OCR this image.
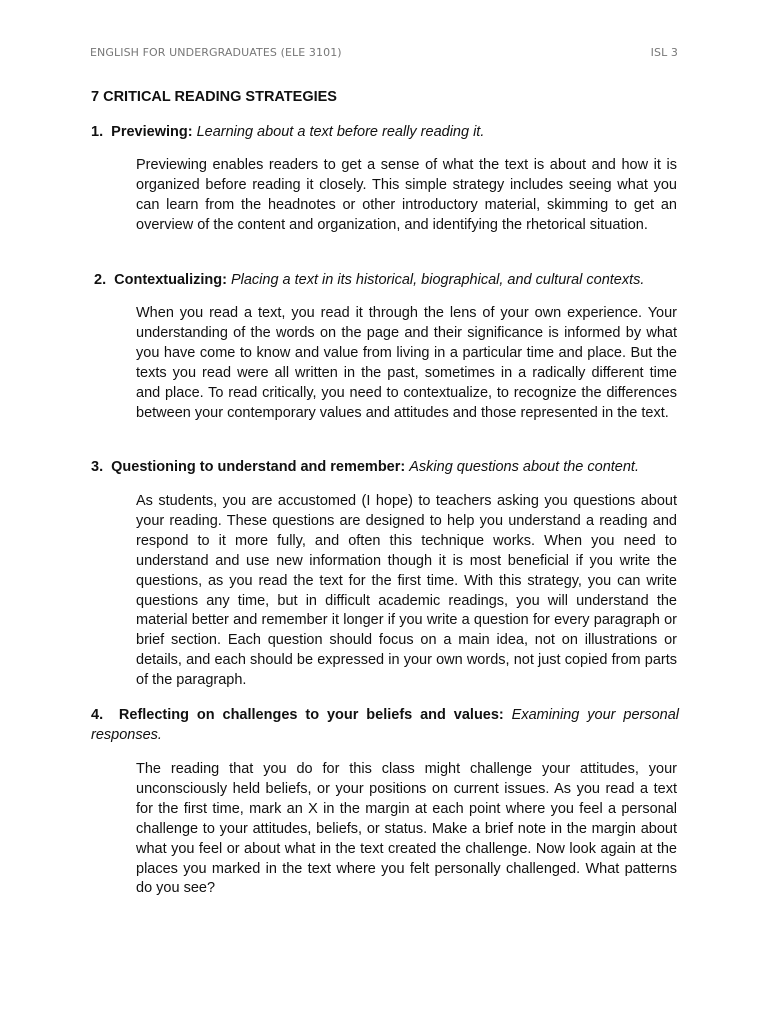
ENGLISH FOR UNDERGRADUATES (ELE 3101)	ISL 3
7 CRITICAL READING STRATEGIES

1. Previewing: Learning about a text before really reading it.

Previewing enables readers to get a sense of what the text is about and how it is organized before reading it closely. This simple strategy includes seeing what you can learn from the headnotes or other introductory material, skimming to get an overview of the content and organization, and identifying the rhetorical situation.

2. Contextualizing: Placing a text in its historical, biographical, and cultural contexts.

When you read a text, you read it through the lens of your own experience. Your understanding of the words on the page and their significance is informed by what you have come to know and value from living in a particular time and place. But the texts you read were all written in the past, sometimes in a radically different time and place. To read critically, you need to contextualize, to recognize the differences between your contemporary values and attitudes and those represented in the text.

3. Questioning to understand and remember: Asking questions about the content.

As students, you are accustomed (I hope) to teachers asking you questions about your reading. These questions are designed to help you understand a reading and respond to it more fully, and often this technique works. When you need to understand and use new information though it is most beneficial if you write the questions, as you read the text for the first time. With this strategy, you can write questions any time, but in difficult academic readings, you will understand the material better and remember it longer if you write a question for every paragraph or brief section. Each question should focus on a main idea, not on illustrations or details, and each should be expressed in your own words, not just copied from parts of the paragraph.

4. Reflecting on challenges to your beliefs and values: Examining your personal responses.

The reading that you do for this class might challenge your attitudes, your unconsciously held beliefs, or your positions on current issues. As you read a text for the first time, mark an X in the margin at each point where you feel a personal challenge to your attitudes, beliefs, or status. Make a brief note in the margin about what you feel or about what in the text created the challenge. Now look again at the places you marked in the text where you felt personally challenged. What patterns do you see?
